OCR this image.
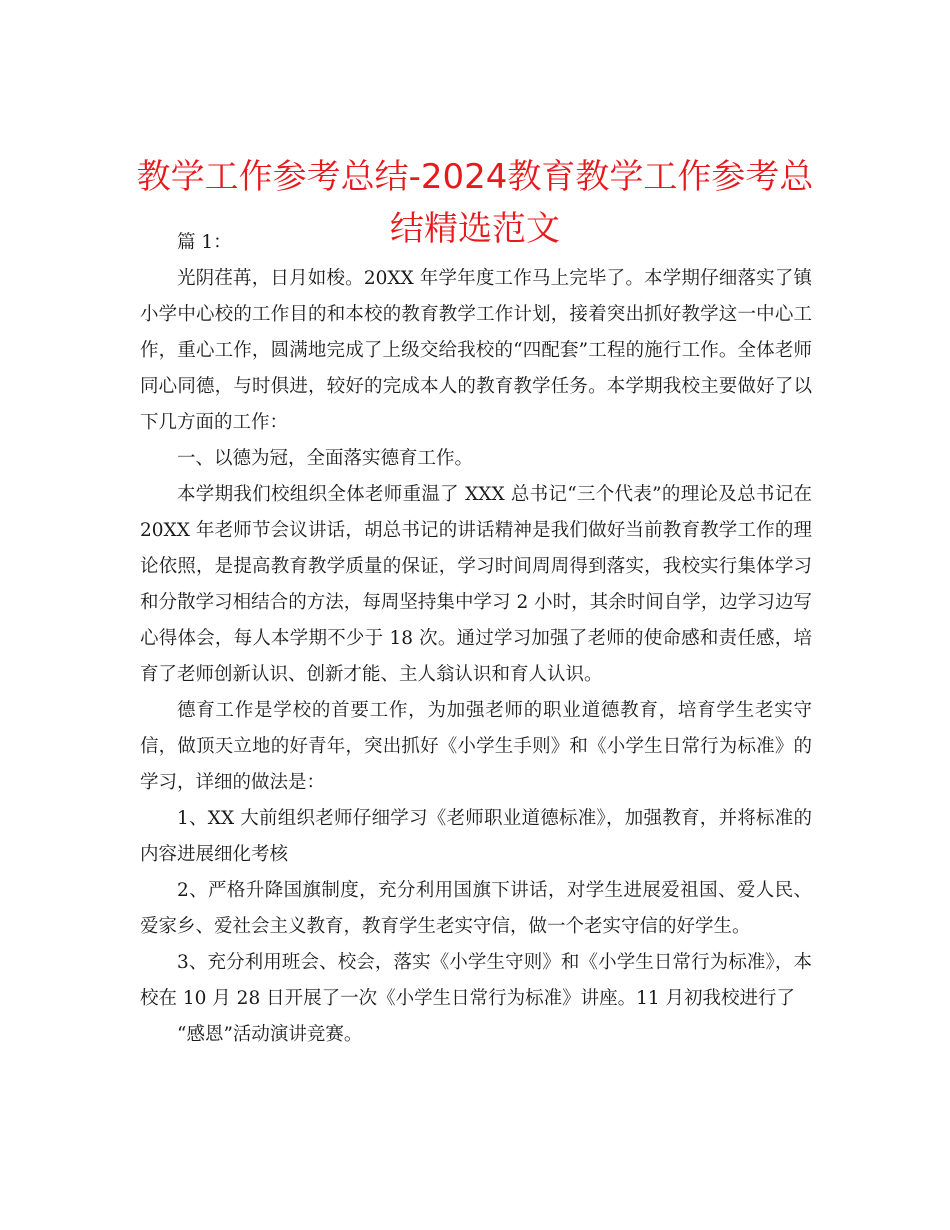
教学工作参考总结-2024教育教学工作参考总结精选范文

篇 1：

光阴荏苒，日月如梭。20XX 年学年度工作马上完毕了。本学期仔细落实了镇小学中心校的工作目的和本校的教育教学工作计划，接着突出抓好教学这一中心工作，重心工作，圆满地完成了上级交给我校的“四配套”工程的施行工作。全体老师同心同德，与时俱进，较好的完成本人的教育教学任务。本学期我校主要做好了以下几方面的工作：

一、以德为冠，全面落实德育工作。

本学期我们校组织全体老师重温了 XXX 总书记“三个代表”的理论及总书记在 20XX 年老师节会议讲话，胡总书记的讲话精神是我们做好当前教育教学工作的理论依照，是提高教育教学质量的保证，学习时间周周得到落实，我校实行集体学习和分散学习相结合的方法，每周坚持集中学习 2 小时，其余时间自学，边学习边写心得体会，每人本学期不少于 18 次。通过学习加强了老师的使命感和责任感，培育了老师创新认识、创新才能、主人翁认识和育人认识。

德育工作是学校的首要工作，为加强老师的职业道德教育，培育学生老实守信，做顶天立地的好青年，突出抓好《小学生手则》和《小学生日常行为标准》的学习，详细的做法是：

1、XX 大前组织老师仔细学习《老师职业道德标准》，加强教育，并将标准的内容进展细化考核

2、严格升降国旗制度，充分利用国旗下讲话，对学生进展爱祖国、爱人民、爱家乡、爱社会主义教育，教育学生老实守信，做一个老实守信的好学生。

3、充分利用班会、校会，落实《小学生守则》和《小学生日常行为标准》，本校在 10 月 28 日开展了一次《小学生日常行为标准》讲座。11 月初我校进行了

“感恩”活动演讲竞赛。
